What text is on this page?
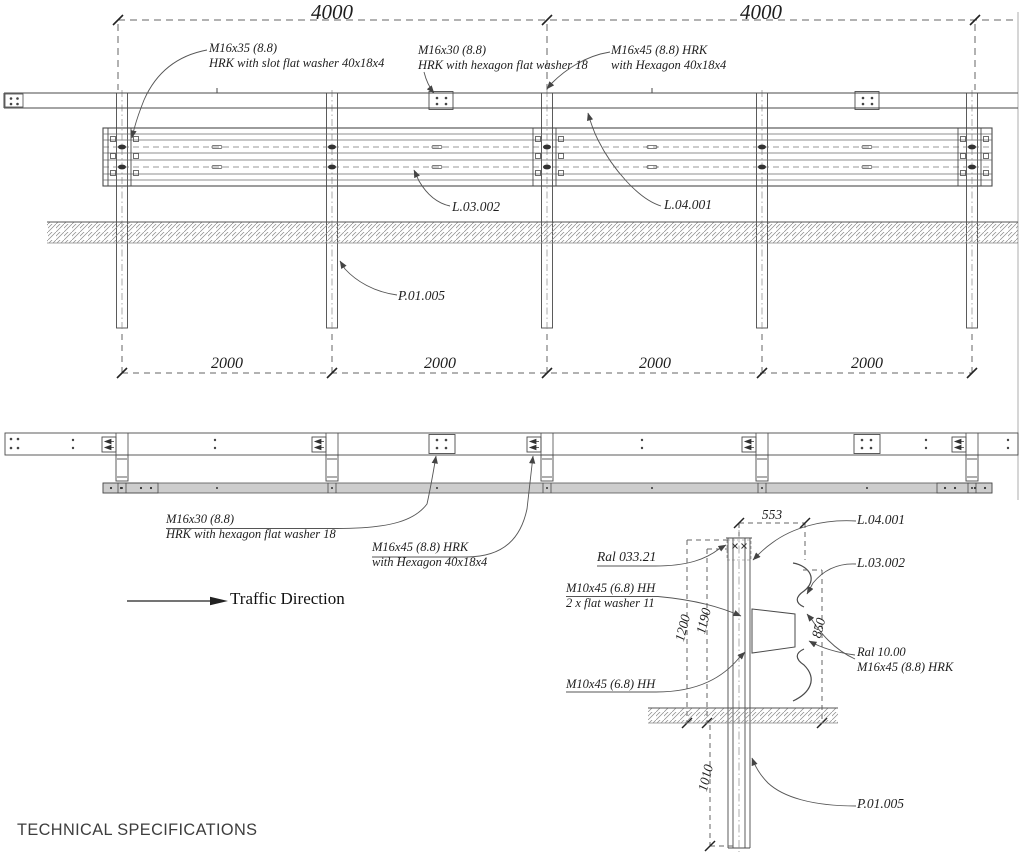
4000	4000
M16x35 (8.8)
HRK with slot flat washer 40x18x4
M16x30 (8.8)
HRK with hexagon flat washer 18
M16x45 (8.8) HRK
with Hexagon 40x18x4
L.03.002	L.04.001
P.01.005
2000	2000	2000	2000
M16x30 (8.8)
HRK with hexagon flat washer 18
M16x45 (8.8) HRK
with Hexagon 40x18x4
Traffic Direction
553
1200 1190	850
1010
Ral 033.21
L.04.001
L.03.002
M10x45 (6.8) HH
2 x flat washer 11
M10x45 (6.8) HH
Ral 10.00
M16x45 (8.8) HRK
P.01.005
TECHNICAL SPECIFICATIONS
